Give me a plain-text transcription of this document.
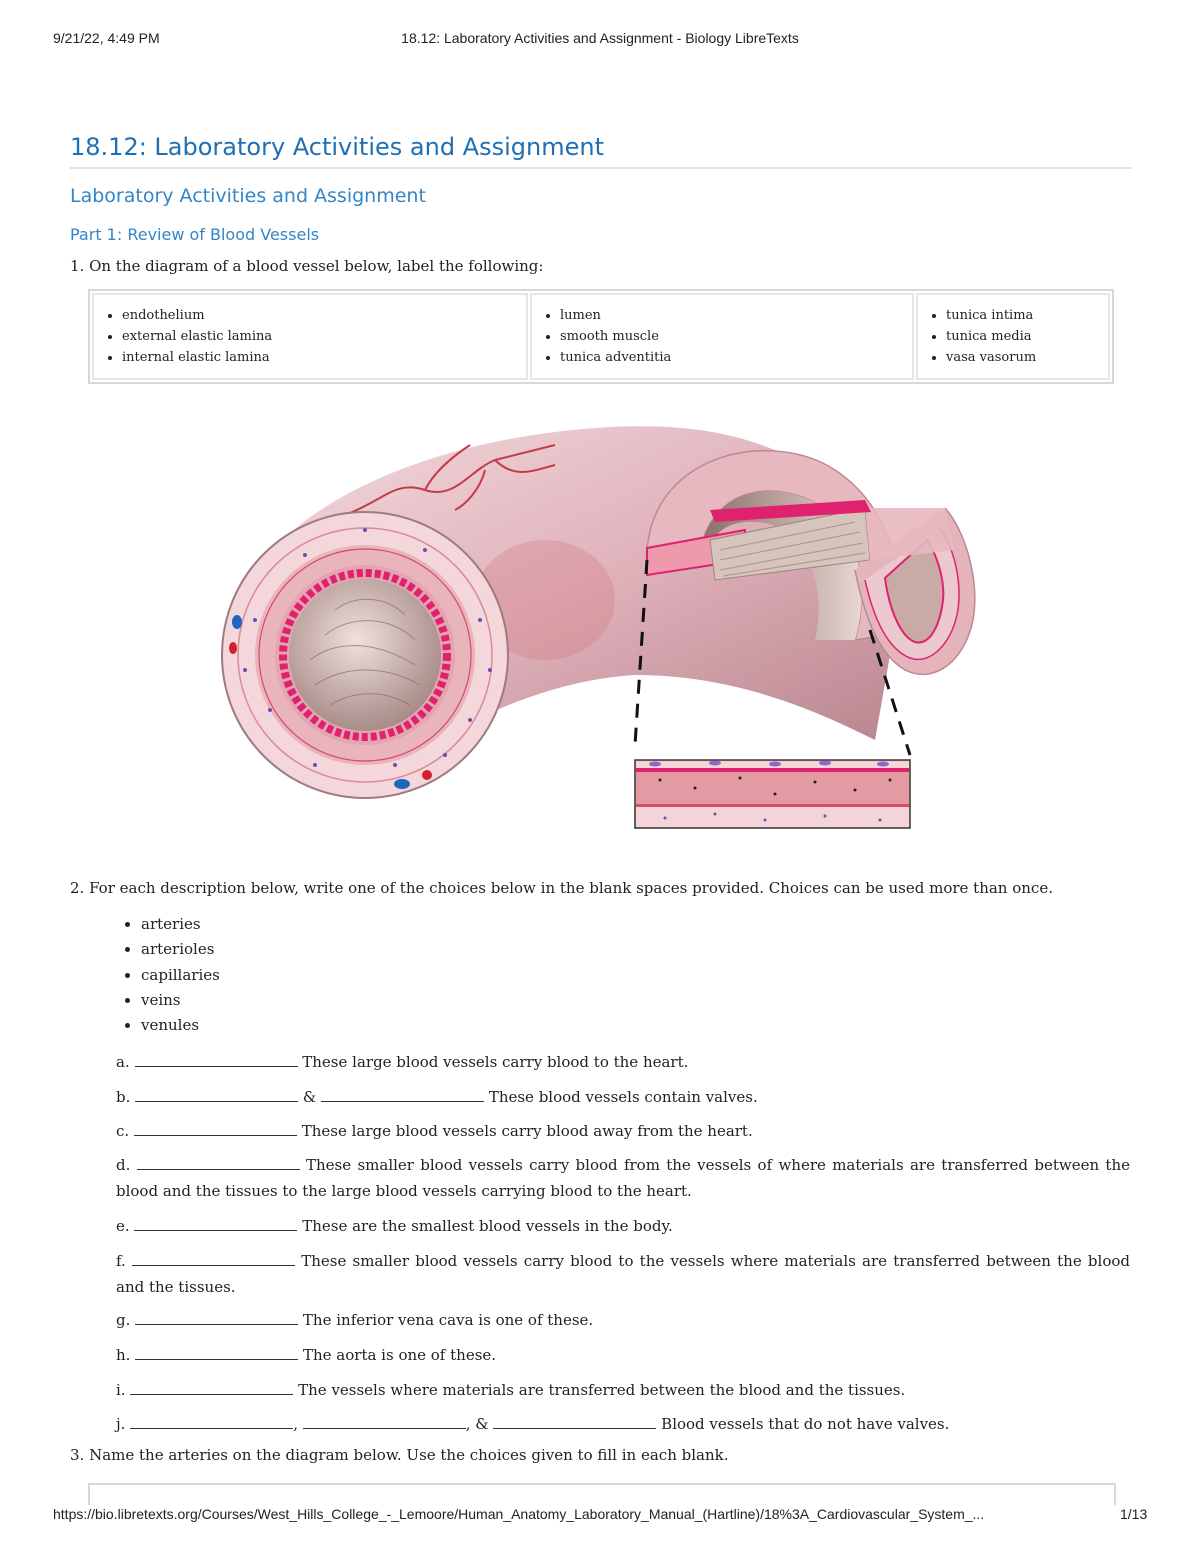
9/21/22, 4:49 PM	18.12: Laboratory Activities and Assignment - Biology LibreTexts
18.12: Laboratory Activities and Assignment
Laboratory Activities and Assignment
Part 1: Review of Blood Vessels

1. On the diagram of a blood vessel below, label the following:

• endothelium
• external elastic lamina
• internal elastic lamina

• lumen
• smooth muscle
• tunica adventitia

• tunica intima
• tunica media
• vasa vasorum

2. For each description below, write one of the choices below in the blank spaces provided. Choices can be used more than once.

• arteries
• arterioles
• capillaries
• veins
• venules

a.	These large blood vessels carry blood to the heart.

b.	&	These blood vessels contain valves.

c.	These large blood vessels carry blood away from the heart.

d.	These smaller blood vessels carry blood from the vessels of where materials are transferred between the blood and the tissues to the large blood vessels carrying blood to the heart.

e.	These are the smallest blood vessels in the body.

f.	These smaller blood vessels carry blood to the vessels where materials are transferred between the blood and the tissues.

g.	The inferior vena cava is one of these.

h.	The aorta is one of these.

i.	The vessels where materials are transferred between the blood and the tissues.

j.	,	, &	Blood vessels that do not have valves.

3. Name the arteries on the diagram below. Use the choices given to fill in each blank.

https://bio.libretexts.org/Courses/West_Hills_College_-_Lemoore/Human_Anatomy_Laboratory_Manual_(Hartline)/18%3A_Cardiovascular_System_...	1/13
